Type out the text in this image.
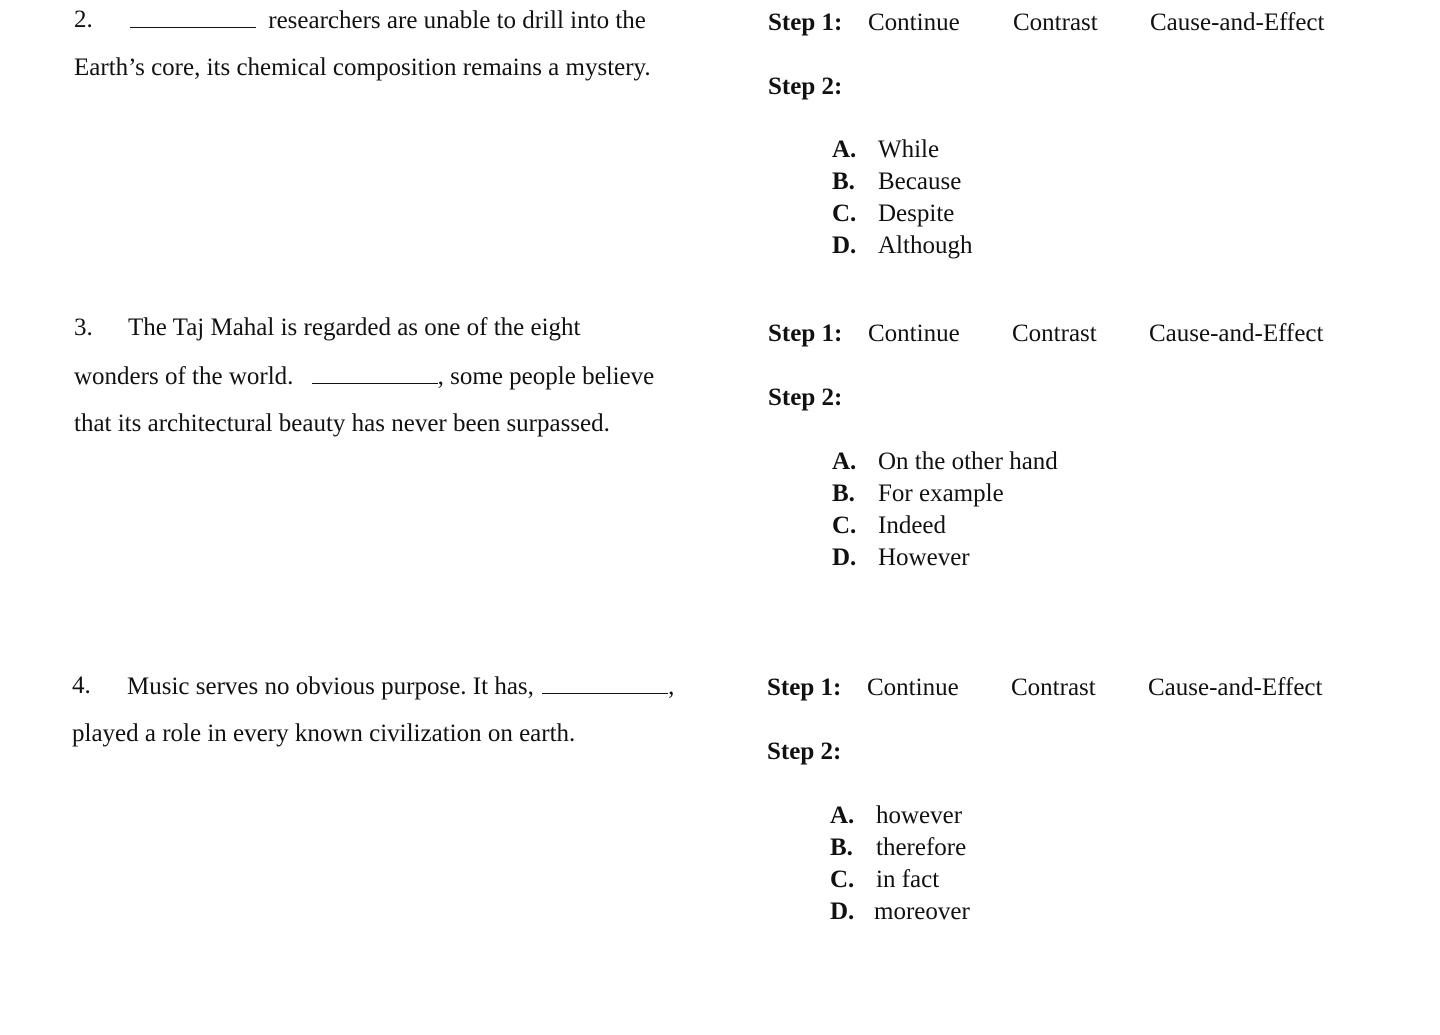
2.	researchers are unable to drill into the
Earth’s core, its chemical composition remains a mystery.
Step 1: Continue Contrast Cause-and-Effect
Step 2:
A. While
B. Because
C. Despite
D. Although
3. The Taj Mahal is regarded as one of the eight
wonders of the world.	, some people believe
that its architectural beauty has never been surpassed.
Step 1: Continue Contrast Cause-and-Effect
Step 2:
A. On the other hand
B. For example
C. Indeed
D. However
4. Music serves no obvious purpose. It has,	,
played a role in every known civilization on earth.
Step 1: Continue Contrast Cause-and-Effect
Step 2:
A. however
B. therefore
C. in fact
D. moreover
